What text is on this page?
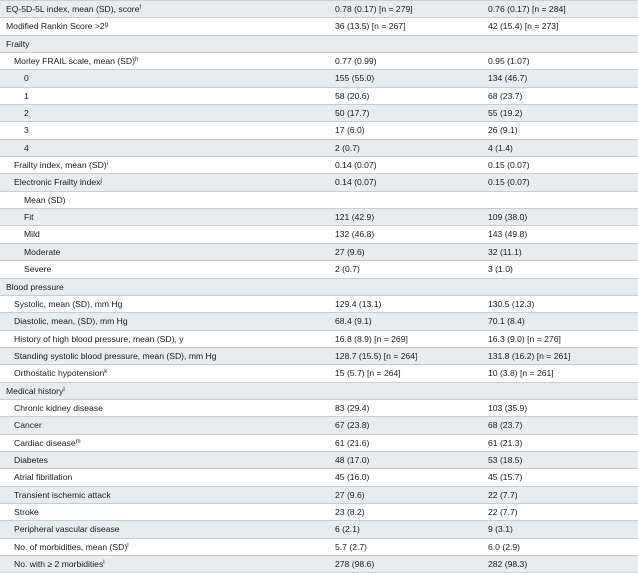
EQ-5D-5L index, mean (SD), score$^f$	0.78 (0.17) [n = 279]	0.76 (0.17) [n = 284]
Modified Rankin Score $>2^g$	36 (13.5) [n = 267]	42 (15.4) [n = 273]
Frailty
Morley FRAIL scale, mean (SD)$^h$	0.77 (0.99)	0.95 (1.07)
0	155 (55.0)	134 (46.7)
1	58 (20.6)	68 (23.7)
2	50 (17.7)	55 (19.2)
3	17 (6.0)	26 (9.1)
4	2 (0.7)	4 (1.4)
Frailty index, mean (SD)$^i$	0.14 (0.07)	0.15 (0.07)
Electronic Frailty index$^j$	0.14 (0.07)	0.15 (0.07)
Mean (SD)
Fit	121 (42.9)	109 (38.0)
Mild	132 (46.8)	143 (49.8)
Moderate	27 (9.6)	32 (11.1)
Severe	2 (0.7)	3 (1.0)
Blood pressure
Systolic, mean (SD), mm Hg	129.4 (13.1)	130.5 (12.3)
Diastolic, mean, (SD), mm Hg	68.4 (9.1)	70.1 (8.4)
History of high blood pressure, mean (SD), y	16.8 (8.9) [n = 269]	16.3 (9.0) [n = 276]
Standing systolic blood pressure, mean (SD), mm Hg	128.7 (15.5) [n = 264]	131.8 (16.2) [n = 261]
Orthostatic hypotension$^k$	15 (5.7) [n = 264]	10 (3.8) [n = 261]
Medical history$^l$
Chronic kidney disease	83 (29.4)	103 (35.9)
Cancer	67 (23.8)	68 (23.7)
Cardiac disease$^m$	61 (21.6)	61 (21.3)
Diabetes	48 (17.0)	53 (18.5)
Atrial fibrillation	45 (16.0)	45 (15.7)
Transient ischemic attack	27 (9.6)	22 (7.7)
Stroke	23 (8.2)	22 (7.7)
Peripheral vascular disease	6 (2.1)	9 (3.1)
No. of morbidities, mean (SD)$^l$	5.7 (2.7)	6.0 (2.9)
No. with ≥ 2 morbidities$^l$	278 (98.6)	282 (98.3)
